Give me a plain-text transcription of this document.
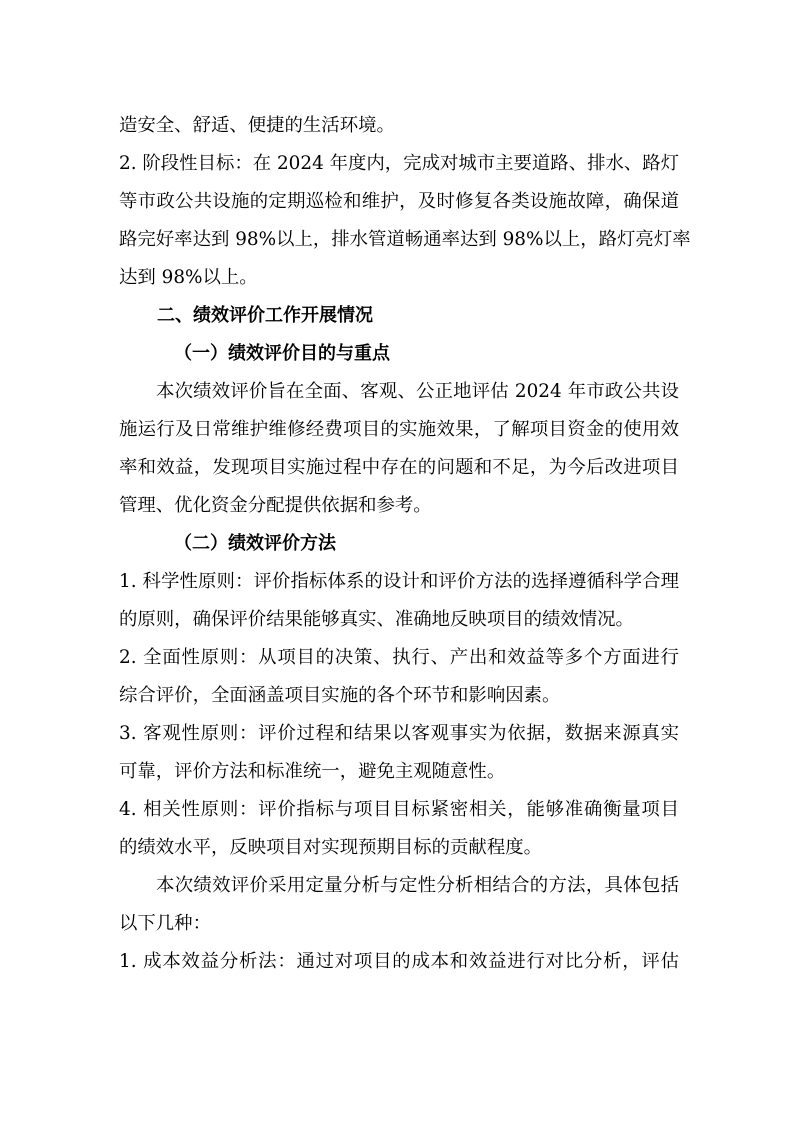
造安全、舒适、便捷的生活环境。
2. 阶段性目标：在 2024 年度内，完成对城市主要道路、排水、路灯
等市政公共设施的定期巡检和维护，及时修复各类设施故障，确保道
路完好率达到 98%以上，排水管道畅通率达到 98%以上，路灯亮灯率
达到 98%以上。
二、绩效评价工作开展情况
（一）绩效评价目的与重点
本次绩效评价旨在全面、客观、公正地评估 2024 年市政公共设
施运行及日常维护维修经费项目的实施效果，了解项目资金的使用效
率和效益，发现项目实施过程中存在的问题和不足，为今后改进项目
管理、优化资金分配提供依据和参考。
（二）绩效评价方法
1. 科学性原则：评价指标体系的设计和评价方法的选择遵循科学合理
的原则，确保评价结果能够真实、准确地反映项目的绩效情况。
2. 全面性原则：从项目的决策、执行、产出和效益等多个方面进行
综合评价，全面涵盖项目实施的各个环节和影响因素。
3. 客观性原则：评价过程和结果以客观事实为依据，数据来源真实
可靠，评价方法和标准统一，避免主观随意性。
4. 相关性原则：评价指标与项目目标紧密相关，能够准确衡量项目
的绩效水平，反映项目对实现预期目标的贡献程度。
本次绩效评价采用定量分析与定性分析相结合的方法，具体包括
以下几种：
1. 成本效益分析法：通过对项目的成本和效益进行对比分析，评估
